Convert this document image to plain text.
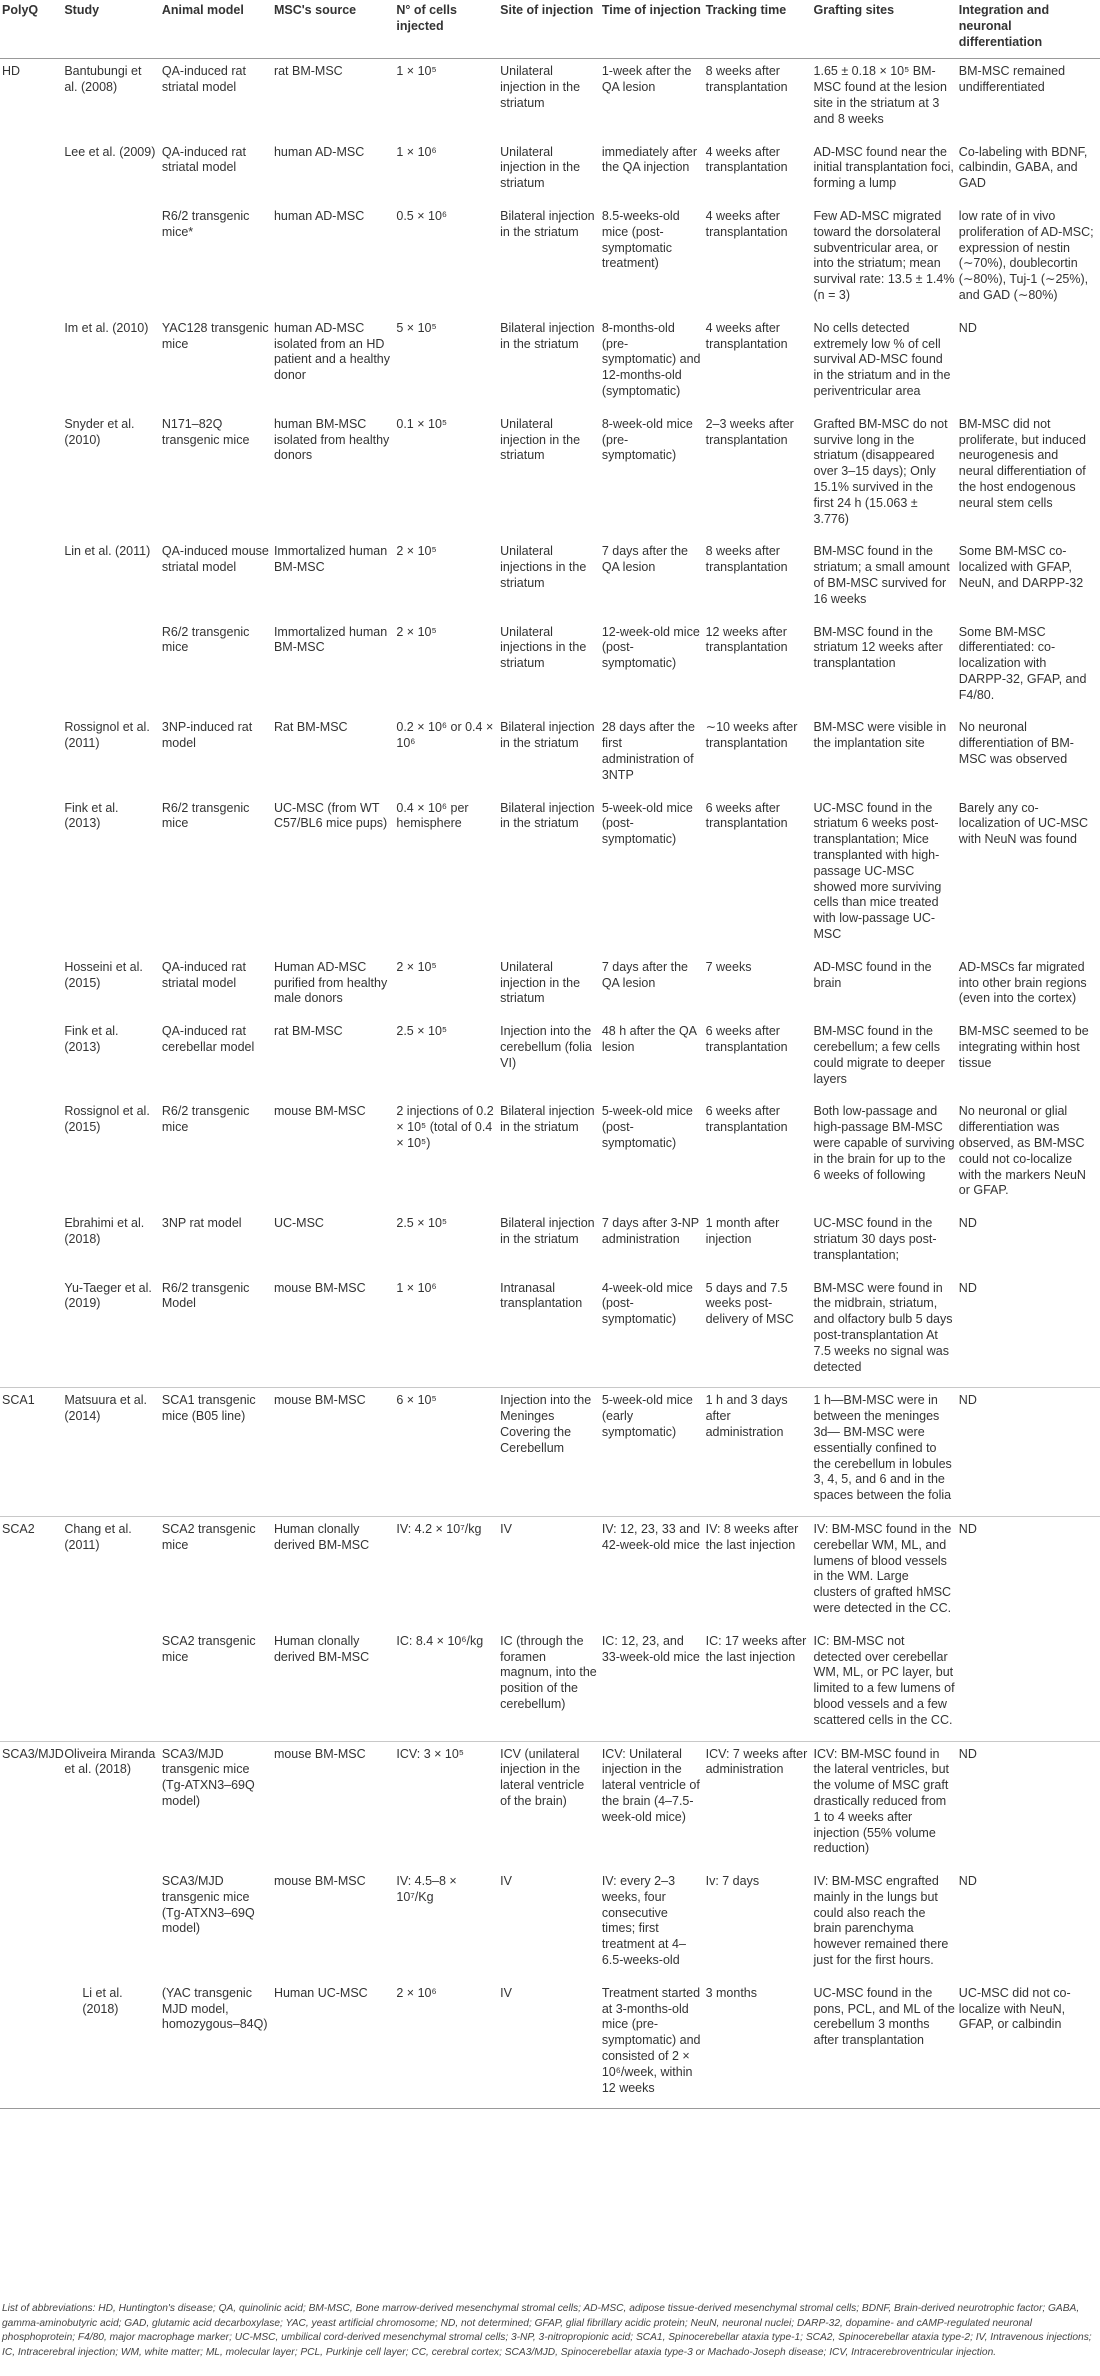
PolyQ	Study	Animal model	MSC's source	N° of cells injected	Site of injection	Time of injection	Tracking time	Grafting sites	Integration and neuronal differentiation
HD	Bantubungi et al. (2008)	QA-induced rat striatal model	rat BM-MSC	1 × 10⁵	Unilateral injection in the striatum	1-week after the QA lesion	8 weeks after transplantation	1.65 ± 0.18 × 10⁵ BM-MSC found at the lesion site in the striatum at 3 and 8 weeks	BM-MSC remained undifferentiated
	Lee et al. (2009)	QA-induced rat striatal model	human AD-MSC	1 × 10⁶	Unilateral injection in the striatum	immediately after the QA injection	4 weeks after transplantation	AD-MSC found near the initial transplantation foci, forming a lump	Co-labeling with BDNF, calbindin, GABA, and GAD
		R6/2 transgenic mice*	human AD-MSC	0.5 × 10⁶	Bilateral injection in the striatum	8.5-weeks-old mice (post-symptomatic treatment)	4 weeks after transplantation	Few AD-MSC migrated toward the dorsolateral subventricular area, or into the striatum; mean survival rate: 13.5 ± 1.4% (n = 3)	low rate of in vivo proliferation of AD-MSC; expression of nestin (∼70%), doublecortin (∼80%), Tuj-1 (∼25%), and GAD (∼80%)
	Im et al. (2010)	YAC128 transgenic mice	human AD-MSC isolated from an HD patient and a healthy donor	5 × 10⁵	Bilateral injection in the striatum	8-months-old (pre-symptomatic) and 12-months-old (symptomatic)	4 weeks after transplantation	No cells detected extremely low % of cell survival AD-MSC found in the striatum and in the periventricular area	ND
	Snyder et al. (2010)	N171–82Q transgenic mice	human BM-MSC isolated from healthy donors	0.1 × 10⁵	Unilateral injection in the striatum	8-week-old mice (pre-symptomatic)	2–3 weeks after transplantation	Grafted BM-MSC do not survive long in the striatum (disappeared over 3–15 days); Only 15.1% survived in the first 24 h (15.063 ± 3.776)	BM-MSC did not proliferate, but induced neurogenesis and neural differentiation of the host endogenous neural stem cells
	Lin et al. (2011)	QA-induced mouse striatal model	Immortalized human BM-MSC	2 × 10⁵	Unilateral injections in the striatum	7 days after the QA lesion	8 weeks after transplantation	BM-MSC found in the striatum; a small amount of BM-MSC survived for 16 weeks	Some BM-MSC co-localized with GFAP, NeuN, and DARPP-32
		R6/2 transgenic mice	Immortalized human BM-MSC	2 × 10⁵	Unilateral injections in the striatum	12-week-old mice (post-symptomatic)	12 weeks after transplantation	BM-MSC found in the striatum 12 weeks after transplantation	Some BM-MSC differentiated: co-localization with DARPP-32, GFAP, and F4/80.
	Rossignol et al. (2011)	3NP-induced rat model	Rat BM-MSC	0.2 × 10⁶ or 0.4 × 10⁶	Bilateral injection in the striatum	28 days after the first administration of 3NTP	∼10 weeks after transplantation	BM-MSC were visible in the implantation site	No neuronal differentiation of BM-MSC was observed
	Fink et al. (2013)	R6/2 transgenic mice	UC-MSC (from WT C57/BL6 mice pups)	0.4 × 10⁶ per hemisphere	Bilateral injection in the striatum	5-week-old mice (post-symptomatic)	6 weeks after transplantation	UC-MSC found in the striatum 6 weeks post-transplantation; Mice transplanted with high-passage UC-MSC showed more surviving cells than mice treated with low-passage UC-MSC	Barely any co-localization of UC-MSC with NeuN was found
	Hosseini et al. (2015)	QA-induced rat striatal model	Human AD-MSC purified from healthy male donors	2 × 10⁵	Unilateral injection in the striatum	7 days after the QA lesion	7 weeks	AD-MSC found in the brain	AD-MSCs far migrated into other brain regions (even into the cortex)
	Fink et al. (2013)	QA-induced rat cerebellar model	rat BM-MSC	2.5 × 10⁵	Injection into the cerebellum (folia VI)	48 h after the QA lesion	6 weeks after transplantation	BM-MSC found in the cerebellum; a few cells could migrate to deeper layers	BM-MSC seemed to be integrating within host tissue
	Rossignol et al. (2015)	R6/2 transgenic mice	mouse BM-MSC	2 injections of 0.2 × 10⁵ (total of 0.4 × 10⁵)	Bilateral injection in the striatum	5-week-old mice (post-symptomatic)	6 weeks after transplantation	Both low-passage and high-passage BM-MSC were capable of surviving in the brain for up to the 6 weeks of following	No neuronal or glial differentiation was observed, as BM-MSC could not co-localize with the markers NeuN or GFAP.
	Ebrahimi et al. (2018)	3NP rat model	UC-MSC	2.5 × 10⁵	Bilateral injection in the striatum	7 days after 3-NP administration	1 month after injection	UC-MSC found in the striatum 30 days post-transplantation;	ND
	Yu-Taeger et al. (2019)	R6/2 transgenic Model	mouse BM-MSC	1 × 10⁶	Intranasal transplantation	4-week-old mice (post-symptomatic)	5 days and 7.5 weeks post-delivery of MSC	BM-MSC were found in the midbrain, striatum, and olfactory bulb 5 days post-transplantation At 7.5 weeks no signal was detected	ND
SCA1	Matsuura et al. (2014)	SCA1 transgenic mice (B05 line)	mouse BM-MSC	6 × 10⁵	Injection into the Meninges Covering the Cerebellum	5-week-old mice (early symptomatic)	1 h and 3 days after administration	1 h—BM-MSC were in between the meninges 3d— BM-MSC were essentially confined to the cerebellum in lobules 3, 4, 5, and 6 and in the spaces between the folia	ND
SCA2	Chang et al. (2011)	SCA2 transgenic mice	Human clonally derived BM-MSC	IV: 4.2 × 10⁷/kg	IV	IV: 12, 23, 33 and 42-week-old mice	IV: 8 weeks after the last injection	IV: BM-MSC found in the cerebellar WM, ML, and lumens of blood vessels in the WM. Large clusters of grafted hMSC were detected in the CC.	ND
		SCA2 transgenic mice	Human clonally derived BM-MSC	IC: 8.4 × 10⁶/kg	IC (through the foramen magnum, into the position of the cerebellum)	IC: 12, 23, and 33-week-old mice	IC: 17 weeks after the last injection	IC: BM-MSC not detected over cerebellar WM, ML, or PC layer, but limited to a few lumens of blood vessels and a few scattered cells in the CC.	
SCA3/MJD	Oliveira Miranda et al. (2018)	SCA3/MJD transgenic mice (Tg-ATXN3–69Q model)	mouse BM-MSC	ICV: 3 × 10⁵	ICV (unilateral injection in the lateral ventricle of the brain)	ICV: Unilateral injection in the lateral ventricle of the brain (4–7.5-week-old mice)	ICV: 7 weeks after administration	ICV: BM-MSC found in the lateral ventricles, but the volume of MSC graft drastically reduced from 1 to 4 weeks after injection (55% volume reduction)	ND
		SCA3/MJD transgenic mice (Tg-ATXN3–69Q model)	mouse BM-MSC	IV: 4.5–8 × 10⁷/Kg	IV	IV: every 2–3 weeks, four consecutive times; first treatment at 4–6.5-weeks-old	Iv: 7 days	IV: BM-MSC engrafted mainly in the lungs but could also reach the brain parenchyma however remained there just for the first hours.	ND
	Li et al. (2018)	(YAC transgenic MJD model, homozygous–84Q)	Human UC-MSC	2 × 10⁶	IV	Treatment started at 3-months-old mice (pre-symptomatic) and consisted of 2 × 10⁶/week, within 12 weeks	3 months	UC-MSC found in the pons, PCL, and ML of the cerebellum 3 months after transplantation	UC-MSC did not co-localize with NeuN, GFAP, or calbindin
List of abbreviations: HD, Huntington's disease; QA, quinolinic acid; BM-MSC, Bone marrow-derived mesenchymal stromal cells; AD-MSC, adipose tissue-derived mesenchymal stromal cells; BDNF, Brain-derived neurotrophic factor; GABA, gamma-aminobutyric acid; GAD, glutamic acid decarboxylase; YAC, yeast artificial chromosome; ND, not determined; GFAP, glial fibrillary acidic protein; NeuN, neuronal nuclei; DARP-32, dopamine- and cAMP-regulated neuronal phosphoprotein; F4/80, major macrophage marker; UC-MSC, umbilical cord-derived mesenchymal stromal cells; 3-NP, 3-nitropropionic acid; SCA1, Spinocerebellar ataxia type-1; SCA2, Spinocerebellar ataxia type-2; IV, Intravenous injections; IC, Intracerebral injection; WM, white matter; ML, molecular layer; PCL, Purkinje cell layer; CC, cerebral cortex; SCA3/MJD, Spinocerebellar ataxia type-3 or Machado-Joseph disease; ICV, Intracerebroventricular injection.
